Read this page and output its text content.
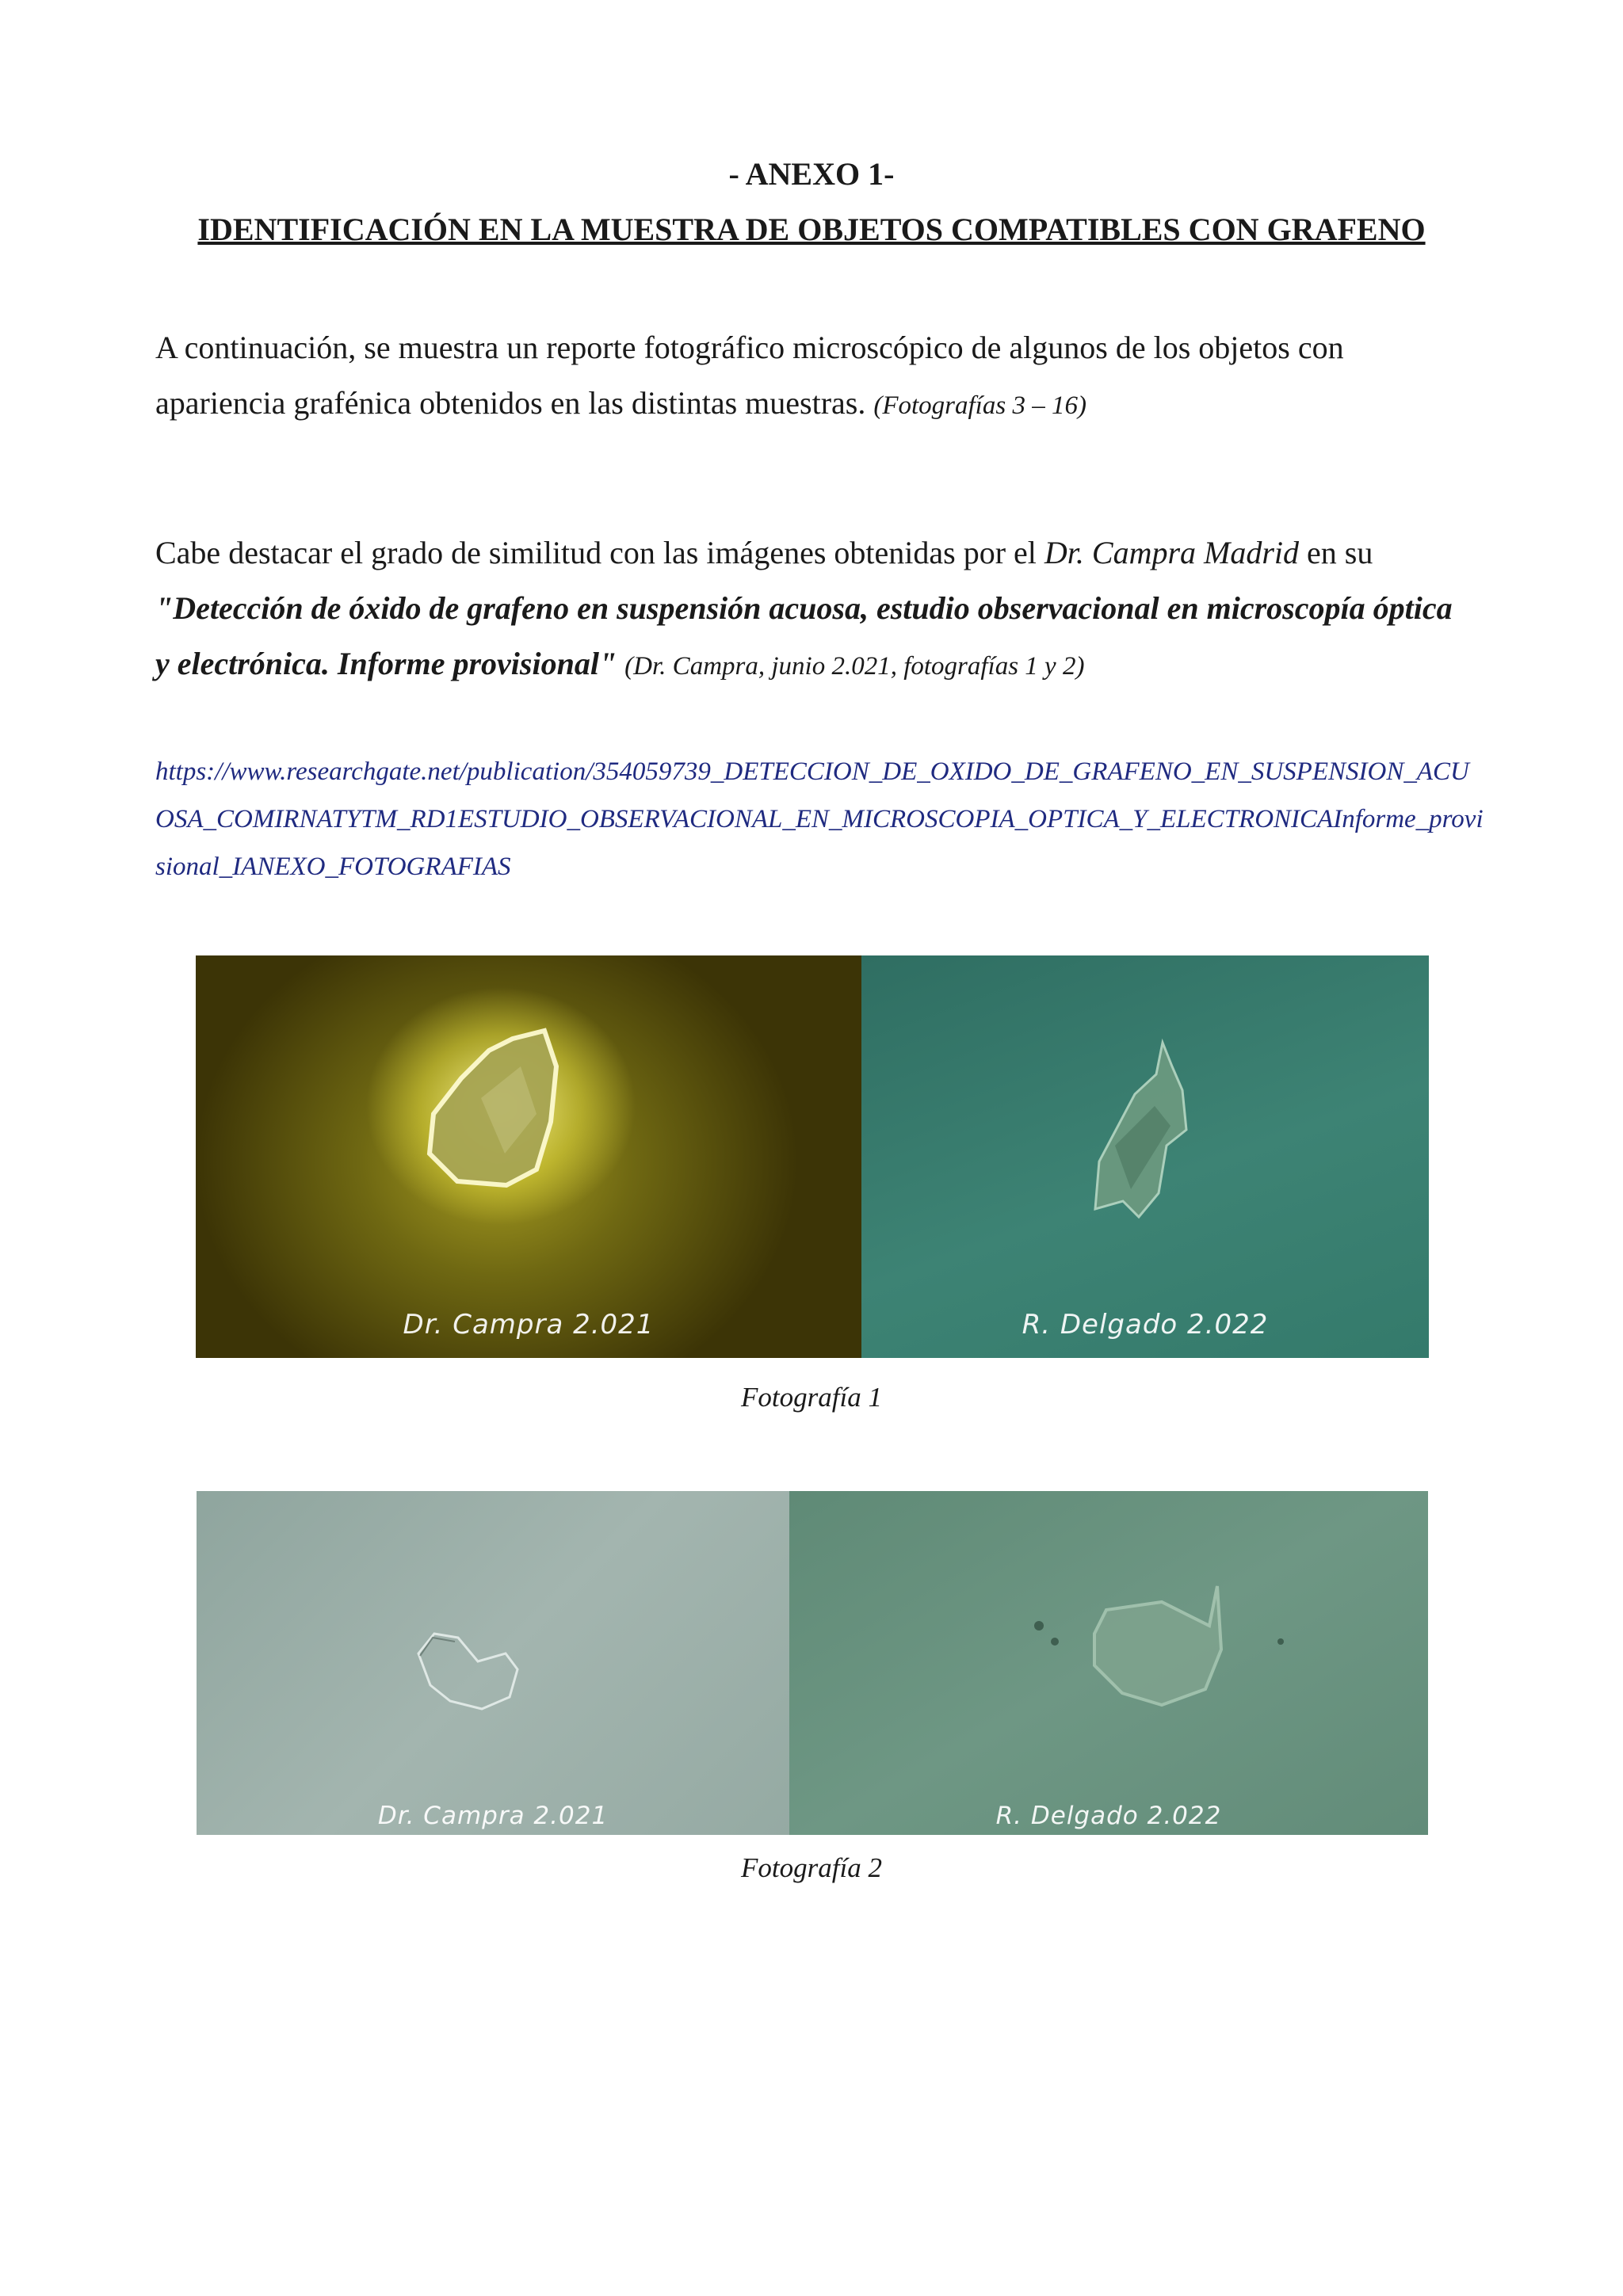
- ANEXO 1-
IDENTIFICACIÓN EN LA MUESTRA DE OBJETOS COMPATIBLES CON GRAFENO
A continuación, se muestra un reporte fotográfico microscópico de algunos de los objetos con apariencia grafénica obtenidos en las distintas muestras. (Fotografías 3 – 16)
Cabe destacar el grado de similitud con las imágenes obtenidas por el Dr. Campra Madrid en su "Detección de óxido de grafeno en suspensión acuosa, estudio observacional en microscopía óptica y electrónica. Informe provisional" (Dr. Campra, junio 2.021, fotografías 1 y 2)
https://www.researchgate.net/publication/354059739_DETECCION_DE_OXIDO_DE_GRAFENO_EN_SUSPENSION_ACUOSA_COMIRNATYTM_RD1ESTUDIO_OBSERVACIONAL_EN_MICROSCOPIA_OPTICA_Y_ELECTRONICAInforme_provisional_IANEXO_FOTOGRAFIAS
Dr. Campra 2.021	R. Delgado 2.022
Fotografía 1
Dr. Campra 2.021	R. Delgado 2.022
Fotografía 2
